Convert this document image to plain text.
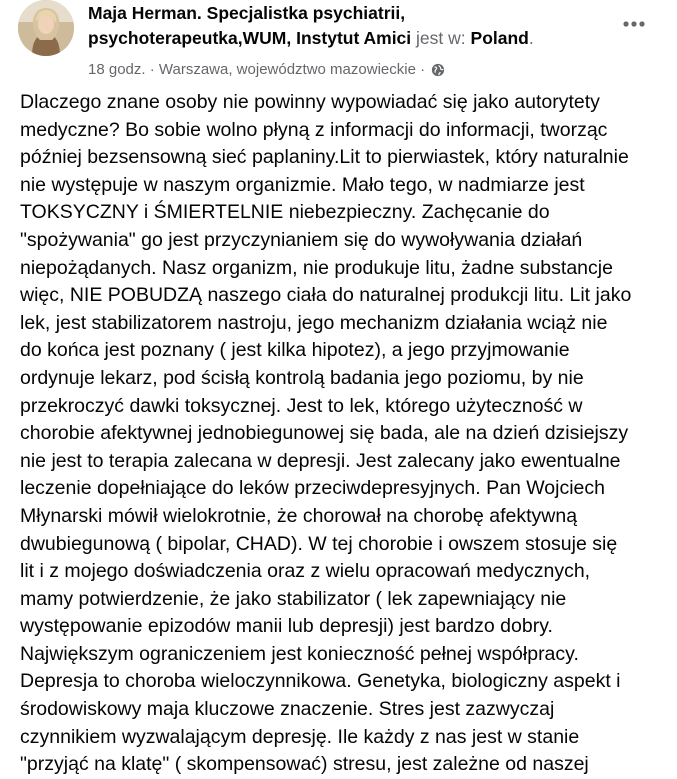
Maja Herman. Specjalistka psychiatrii, psychoterapeutka,WUM, Instytut Amici jest w: Poland.
18 godz. · Warszawa, województwo mazowieckie ·
Dlaczego znane osoby nie powinny wypowiadać się jako autorytety
medyczne? Bo sobie wolno płyną z informacji do informacji, tworząc
później bezsensowną sieć paplaniny.Lit to pierwiastek, który naturalnie
nie występuje w naszym organizmie. Mało tego, w nadmiarze jest
TOKSYCZNY i ŚMIERTELNIE niebezpieczny. Zachęcanie do
"spożywania" go jest przyczynianiem się do wywoływania działań
niepożądanych. Nasz organizm, nie produkuje litu, żadne substancje
więc, NIE POBUDZĄ naszego ciała do naturalnej produkcji litu. Lit jako
lek, jest stabilizatorem nastroju, jego mechanizm działania wciąż nie
do końca jest poznany ( jest kilka hipotez), a jego przyjmowanie
ordynuje lekarz, pod ścisłą kontrolą badania jego poziomu, by nie
przekroczyć dawki toksycznej. Jest to lek, którego użyteczność w
chorobie afektywnej jednobiegunowej się bada, ale na dzień dzisiejszy
nie jest to terapia zalecana w depresji. Jest zalecany jako ewentualne
leczenie dopełniające do leków przeciwdepresyjnych. Pan Wojciech
Młynarski mówił wielokrotnie, że chorował na chorobę afektywną
dwubiegunową ( bipolar, CHAD). W tej chorobie i owszem stosuje się
lit i z mojego doświadczenia oraz z wielu opracowań medycznych,
mamy potwierdzenie, że jako stabilizator ( lek zapewniający nie
występowanie epizodów manii lub depresji) jest bardzo dobry.
Największym ograniczeniem jest konieczność pełnej współpracy.
Depresja to choroba wieloczynnikowa. Genetyka, biologiczny aspekt i
środowiskowy maja kluczowe znaczenie. Stres jest zazwyczaj
czynnikiem wyzwalającym depresję. Ile każdy z nas jest w stanie
"przyjąć na klatę" ( skompensować) stresu, jest zależne od naszej
